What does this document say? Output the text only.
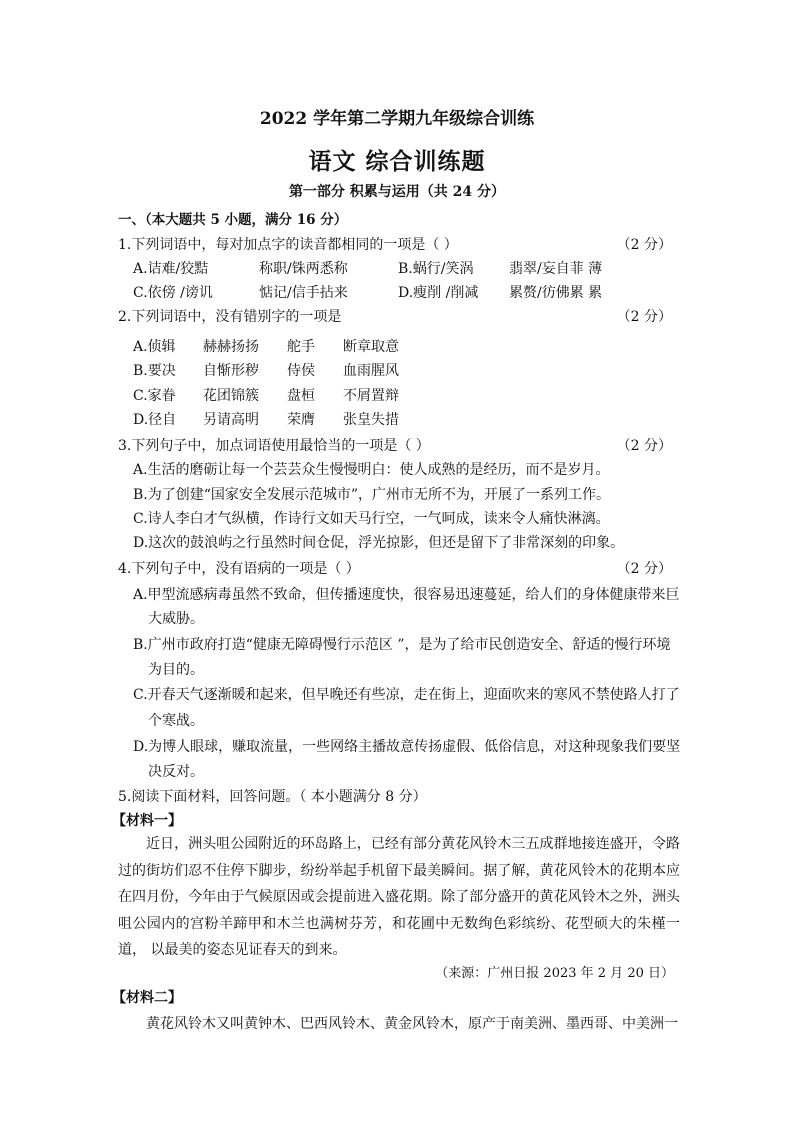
2022 学年第二学期九年级综合训练
语文 综合训练题
第一部分 积累与运用（共 24 分）
一、（本大题共 5 小题，满分 16 分）
1.下列词语中，每对加点字的读音都相同的一项是（ ）	（2 分）
A.诘难/狡黠	称职/铢两悉称	B.蜗行/笑涡	翡翠/妄自菲 薄
C.依傍 /谤讥	惦记/信手拈来	D.瘦削 /削减 累赘/彷佛累 累
2.下列词语中，没有错别字的一项是	（2 分）
A.侦辑 赫赫扬扬 舵手 断章取意
B.要决 自惭形秽 侍侯 血雨腥风
C.家眷 花团锦簇 盘桓 不屑置辩
D.径自 另请高明 荣膺 张皇失措
3.下列句子中，加点词语使用最恰当的一项是（ ）	（2 分）
A.生活的磨砺让每一个芸芸众生慢慢明白：使人成熟的是经历，而不是岁月。
B.为了创建“国家安全发展示范城市”，广州市无所不为，开展了一系列工作。
C.诗人李白才气纵横，作诗行文如天马行空，一气呵成，读来令人痛快淋漓。
D.这次的鼓浪屿之行虽然时间仓促，浮光掠影，但还是留下了非常深刻的印象。
4.下列句子中，没有语病的一项是（ ）	（2 分）
A.甲型流感病毒虽然不致命，但传播速度快，很容易迅速蔓延，给人们的身体健康带来巨
大威胁。
B.广州市政府打造“健康无障碍慢行示范区 ”，是为了给市民创造安全、舒适的慢行环境
为目的。
C.开春天气逐渐暖和起来，但早晚还有些凉，走在街上，迎面吹来的寒风不禁使路人打了
个寒战。
D.为博人眼球，赚取流量，一些网络主播故意传扬虚假、低俗信息，对这种现象我们要坚
决反对。
5.阅读下面材料，回答问题。（ 本小题满分 8 分）
【材料一】
近日，洲头咀公园附近的环岛路上，已经有部分黄花风铃木三五成群地接连盛开，令路过的街坊们忍不住停下脚步，纷纷举起手机留下最美瞬间。据了解，黄花风铃木的花期本应在四月份，今年由于气候原因或会提前进入盛花期。除了部分盛开的黄花风铃木之外，洲头咀公园内的宫粉羊蹄甲和木兰也满树芬芳，和花圃中无数绚色彩缤纷、花型硕大的朱槿一道， 以最美的姿态见证春天的到来。
（来源：广州日报 2023 年 2 月 20 日）
【材料二】
黄花风铃木又叫黄钟木、巴西风铃木、黄金风铃木，原产于南美洲、墨西哥、中美洲一
